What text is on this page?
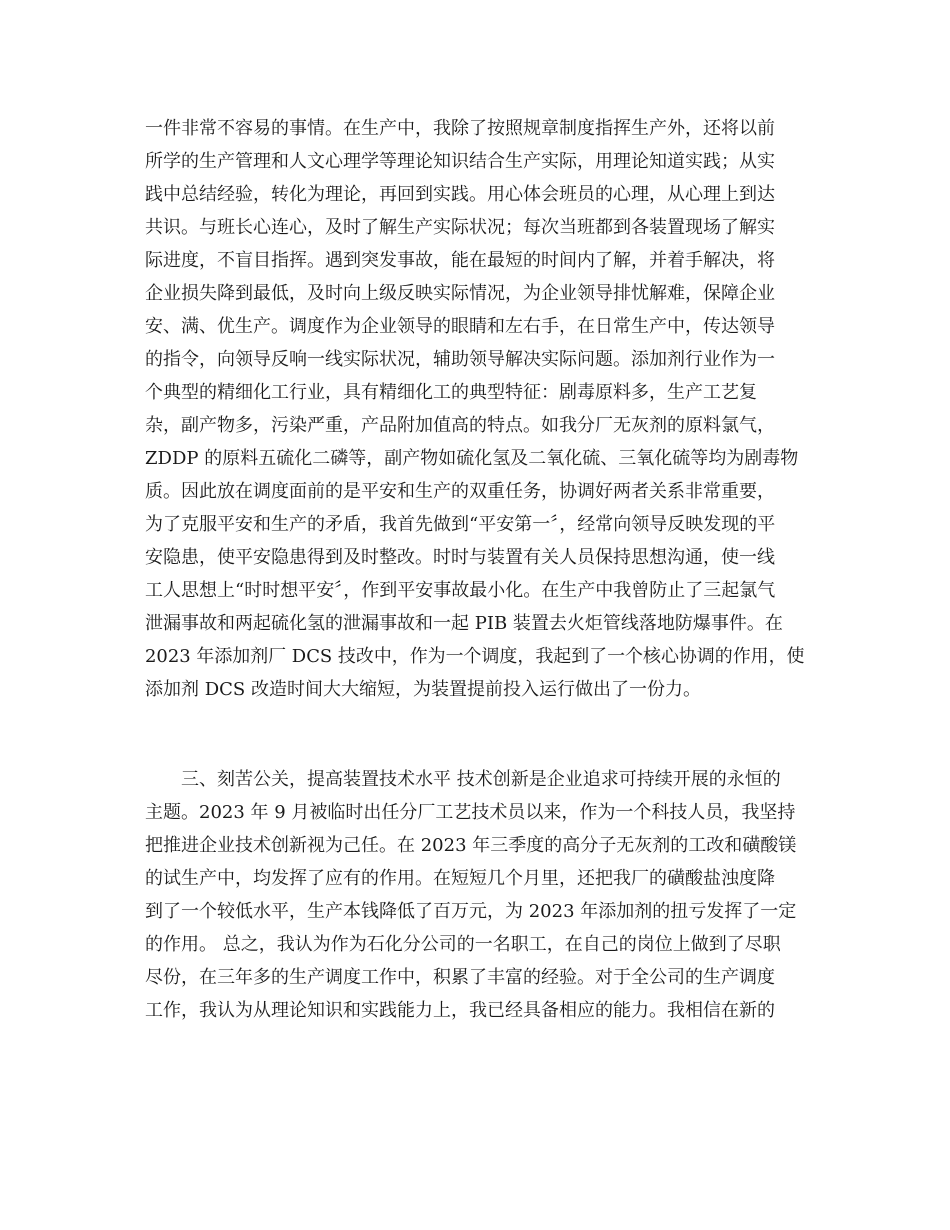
一件非常不容易的事情。在生产中，我除了按照规章制度指挥生产外，还将以前
所学的生产管理和人文心理学等理论知识结合生产实际，用理论知道实践；从实
践中总结经验，转化为理论，再回到实践。用心体会班员的心理，从心理上到达
共识。与班长心连心，及时了解生产实际状况；每次当班都到各装置现场了解实
际进度，不盲目指挥。遇到突发事故，能在最短的时间内了解，并着手解决，将
企业损失降到最低，及时向上级反映实际情况，为企业领导排忧解难，保障企业
安、满、优生产。调度作为企业领导的眼睛和左右手，在日常生产中，传达领导
的指令，向领导反响一线实际状况，辅助领导解决实际问题。添加剂行业作为一
个典型的精细化工行业，具有精细化工的典型特征：剧毒原料多，生产工艺复
杂，副产物多，污染严重，产品附加值高的特点。如我分厂无灰剂的原料氯气，
ZDDP 的原料五硫化二磷等，副产物如硫化氢及二氧化硫、三氧化硫等均为剧毒物
质。因此放在调度面前的是平安和生产的双重任务，协调好两者关系非常重要，
为了克服平安和生产的矛盾，我首先做到“平安第一〞，经常向领导反映发现的平
安隐患，使平安隐患得到及时整改。时时与装置有关人员保持思想沟通，使一线
工人思想上“时时想平安〞，作到平安事故最小化。在生产中我曾防止了三起氯气
泄漏事故和两起硫化氢的泄漏事故和一起 PIB 装置去火炬管线落地防爆事件。在
2023 年添加剂厂 DCS 技改中，作为一个调度，我起到了一个核心协调的作用，使
添加剂 DCS 改造时间大大缩短，为装置提前投入运行做出了一份力。
　　三、刻苦公关，提高装置技术水平 技术创新是企业追求可持续开展的永恒的
主题。2023 年 9 月被临时出任分厂工艺技术员以来，作为一个科技人员，我坚持
把推进企业技术创新视为己任。在 2023 年三季度的高分子无灰剂的工改和磺酸镁
的试生产中，均发挥了应有的作用。在短短几个月里，还把我厂的磺酸盐浊度降
到了一个较低水平，生产本钱降低了百万元，为 2023 年添加剂的扭亏发挥了一定
的作用。 总之，我认为作为石化分公司的一名职工，在自己的岗位上做到了尽职
尽份，在三年多的生产调度工作中，积累了丰富的经验。对于全公司的生产调度
工作，我认为从理论知识和实践能力上，我已经具备相应的能力。我相信在新的
